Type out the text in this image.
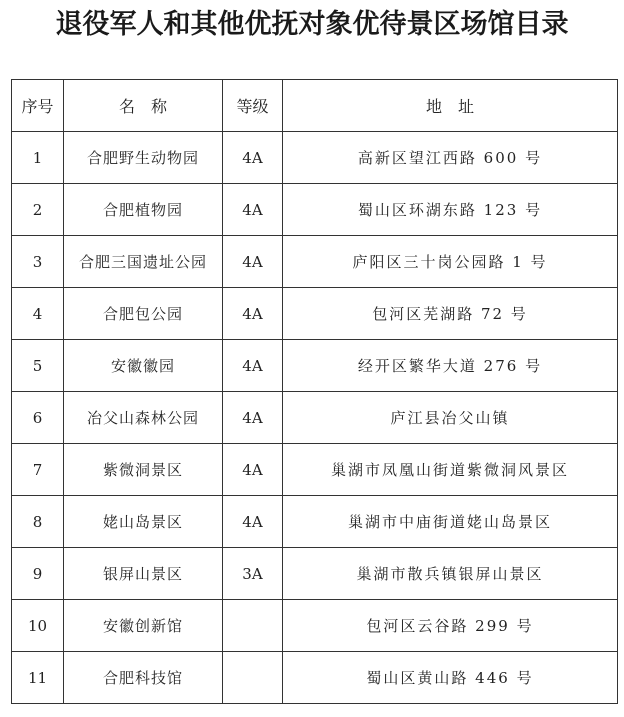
退役军人和其他优抚对象优待景区场馆目录
序号	名　称	等级	地　址
1	合肥野生动物园	4A	高新区望江西路 600 号
2	合肥植物园	4A	蜀山区环湖东路 123 号
3	合肥三国遗址公园	4A	庐阳区三十岗公园路 1 号
4	合肥包公园	4A	包河区芜湖路 72 号
5	安徽徽园	4A	经开区繁华大道 276 号
6	冶父山森林公园	4A	庐江县冶父山镇
7	紫微洞景区	4A	巢湖市凤凰山街道紫微洞风景区
8	姥山岛景区	4A	巢湖市中庙街道姥山岛景区
9	银屏山景区	3A	巢湖市散兵镇银屏山景区
10	安徽创新馆		包河区云谷路 299 号
11	合肥科技馆		蜀山区黄山路 446 号
